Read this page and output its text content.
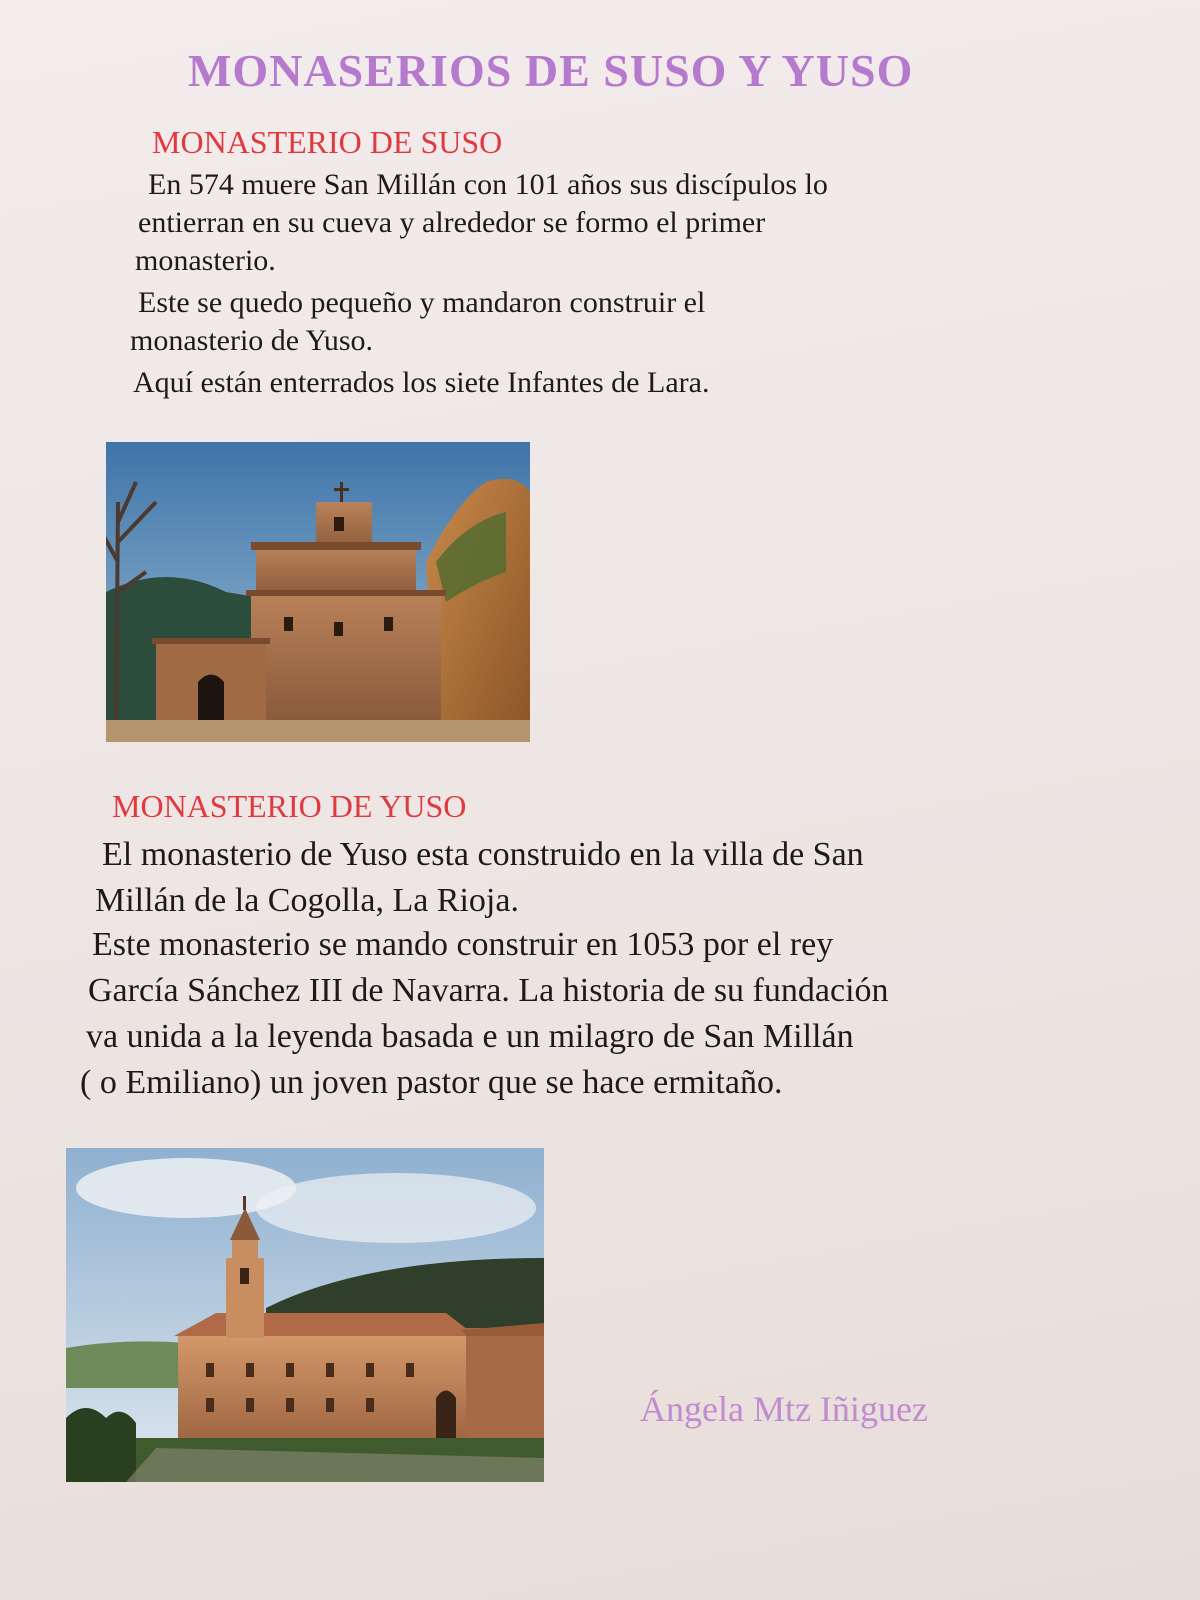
MONASERIOS DE SUSO Y YUSO
MONASTERIO DE SUSO
En 574 muere San Millán con 101 años sus discípulos lo
entierran en su cueva y alrededor se formo el primer
monasterio.
Este se quedo pequeño y mandaron construir el
monasterio de Yuso.
Aquí están enterrados los siete Infantes de Lara.
MONASTERIO DE YUSO
El monasterio de Yuso esta construido en la villa de San
Millán de la Cogolla, La Rioja.
Este monasterio se mando construir en 1053 por el rey
García Sánchez III de Navarra. La historia de su fundación
va unida a la leyenda basada e un milagro de San Millán
( o Emiliano) un joven pastor que se hace ermitaño.
Ángela Mtz Iñiguez
